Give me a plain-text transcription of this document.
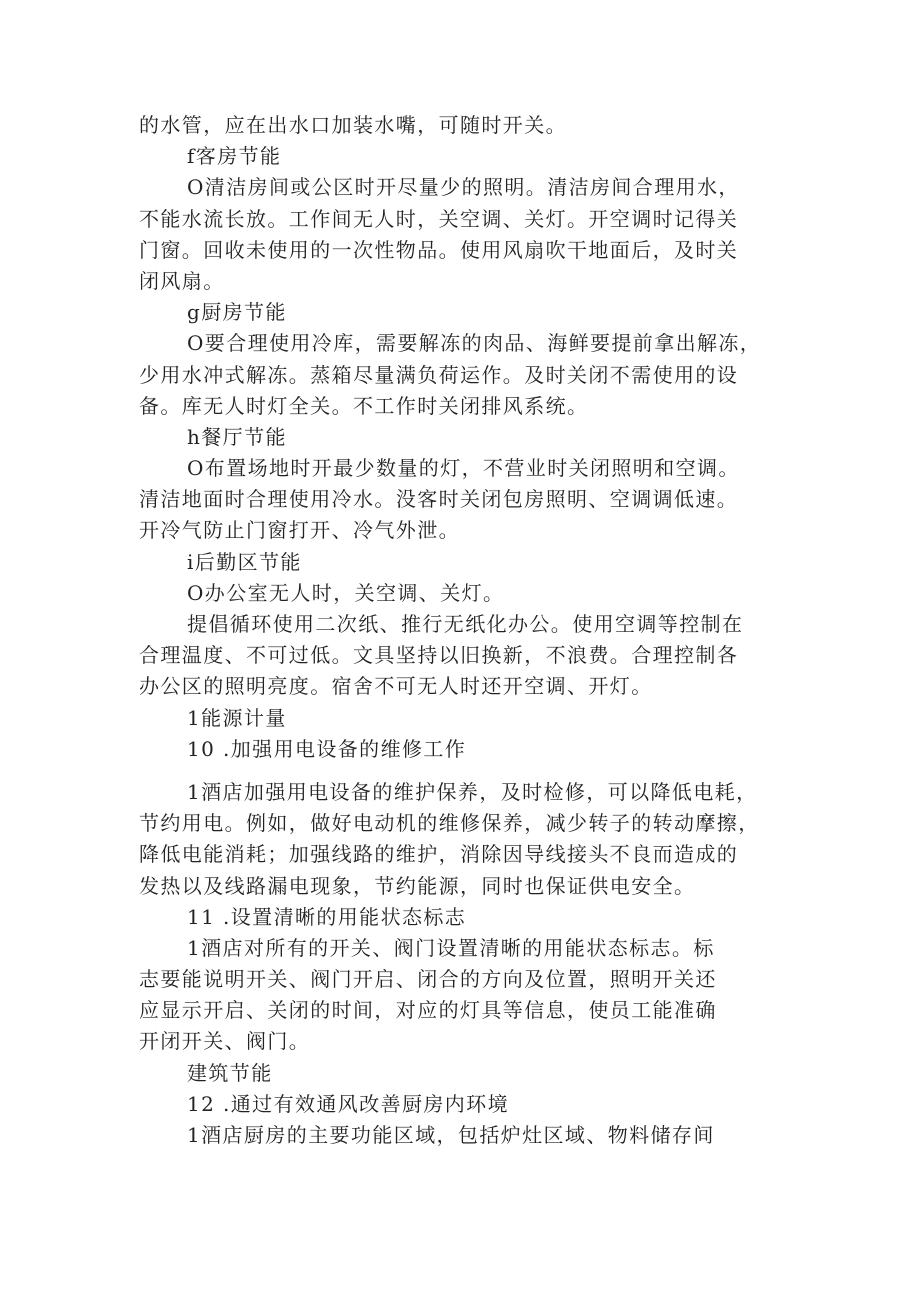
的水管，应在出水口加装水嘴，可随时开关。
f客房节能
O清洁房间或公区时开尽量少的照明。清洁房间合理用水，
不能水流长放。工作间无人时，关空调、关灯。开空调时记得关
门窗。回收未使用的一次性物品。使用风扇吹干地面后，及时关
闭风扇。
g厨房节能
O要合理使用冷库，需要解冻的肉品、海鲜要提前拿出解冻，
少用水冲式解冻。蒸箱尽量满负荷运作。及时关闭不需使用的设
备。库无人时灯全关。不工作时关闭排风系统。
h餐厅节能
O布置场地时开最少数量的灯，不营业时关闭照明和空调。
清洁地面时合理使用冷水。没客时关闭包房照明、空调调低速。
开冷气防止门窗打开、冷气外泄。
i后勤区节能
O办公室无人时，关空调、关灯。
提倡循环使用二次纸、推行无纸化办公。使用空调等控制在
合理温度、不可过低。文具坚持以旧换新，不浪费。合理控制各
办公区的照明亮度。宿舍不可无人时还开空调、开灯。
1能源计量
10 .加强用电设备的维修工作
1酒店加强用电设备的维护保养，及时检修，可以降低电耗，
节约用电。例如，做好电动机的维修保养，减少转子的转动摩擦，
降低电能消耗；加强线路的维护，消除因导线接头不良而造成的
发热以及线路漏电现象，节约能源，同时也保证供电安全。
11 .设置清晰的用能状态标志
1酒店对所有的开关、阀门设置清晰的用能状态标志。标
志要能说明开关、阀门开启、闭合的方向及位置，照明开关还
应显示开启、关闭的时间，对应的灯具等信息，使员工能准确
开闭开关、阀门。
建筑节能
12 .通过有效通风改善厨房内环境
1酒店厨房的主要功能区域，包括炉灶区域、物料储存间
